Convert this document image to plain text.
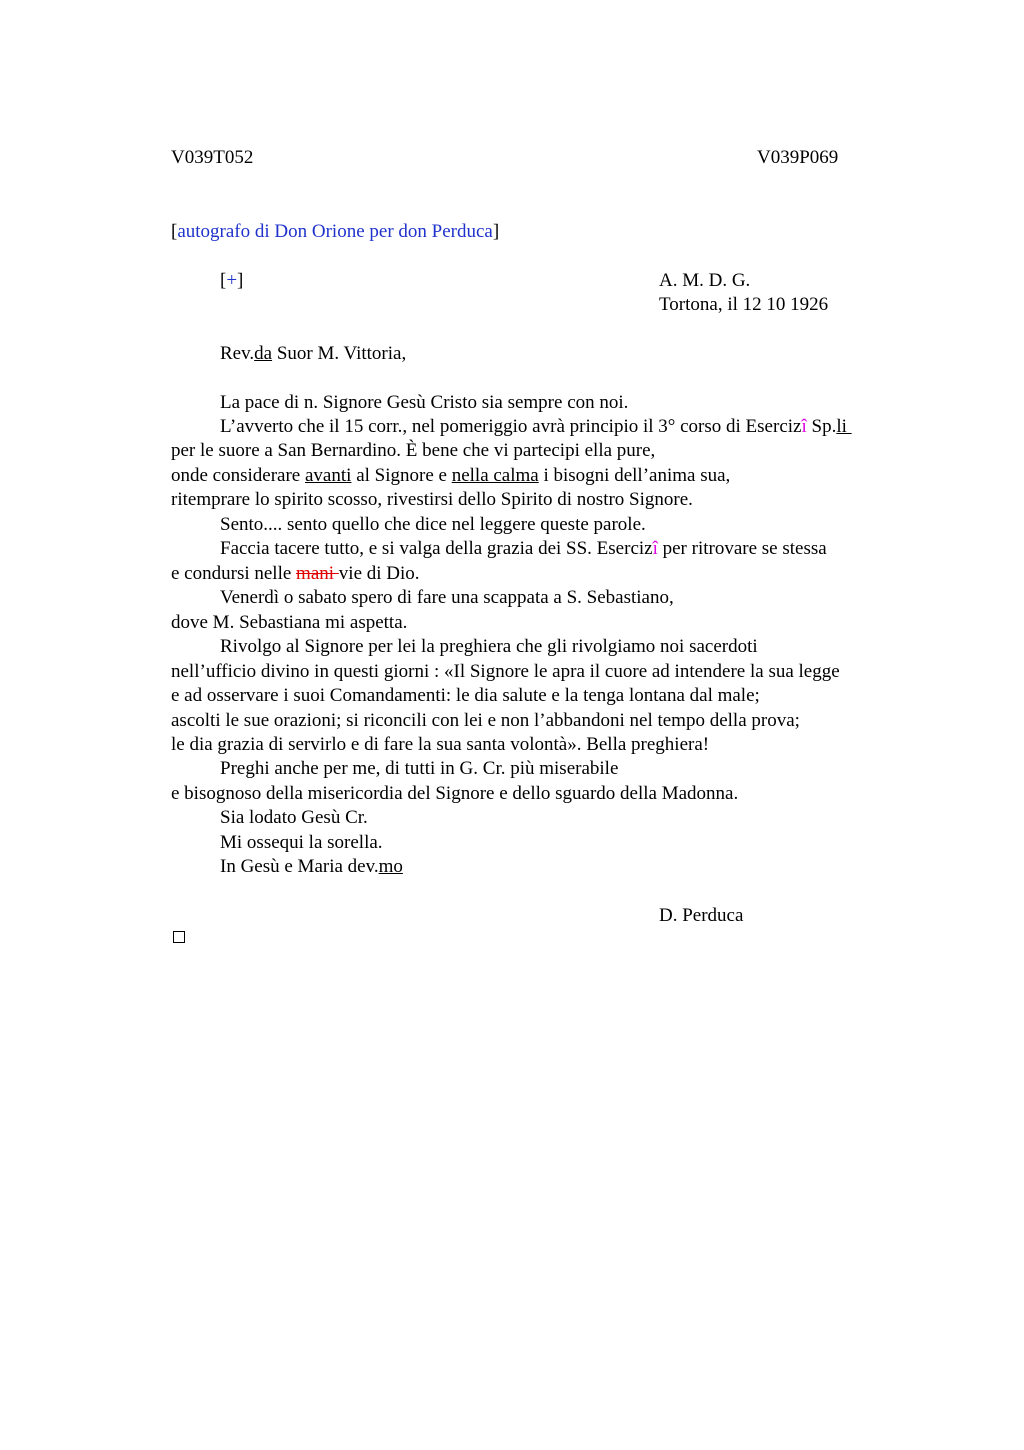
V039T052	V039P069
[autografo di Don Orione per don Perduca]
[+]	A. M. D. G.
Tortona, il 12 10 1926
Rev.da Suor M. Vittoria,
La pace di n. Signore Gesù Cristo sia sempre con noi.
L’avverto che il 15 corr., nel pomeriggio avrà principio il 3° corso di Esercizî Sp.li
per le suore a San Bernardino. È bene che vi partecipi ella pure,
onde considerare avanti al Signore e nella calma i bisogni dell’anima sua,
ritemprare lo spirito scosso, rivestirsi dello Spirito di nostro Signore.
Sento.... sento quello che dice nel leggere queste parole.
Faccia tacere tutto, e si valga della grazia dei SS. Esercizî per ritrovare se stessa
e condursi nelle mani vie di Dio.
Venerdì o sabato spero di fare una scappata a S. Sebastiano,
dove M. Sebastiana mi aspetta.
Rivolgo al Signore per lei la preghiera che gli rivolgiamo noi sacerdoti
nell’ufficio divino in questi giorni : «Il Signore le apra il cuore ad intendere la sua legge
e ad osservare i suoi Comandamenti: le dia salute e la tenga lontana dal male;
ascolti le sue orazioni; si riconcili con lei e non l’abbandoni nel tempo della prova;
le dia grazia di servirlo e di fare la sua santa volontà». Bella preghiera!
Preghi anche per me, di tutti in G. Cr. più miserabile
e bisognoso della misericordia del Signore e dello sguardo della Madonna.
Sia lodato Gesù Cr.
Mi ossequi la sorella.
In Gesù e Maria dev.mo
D. Perduca
